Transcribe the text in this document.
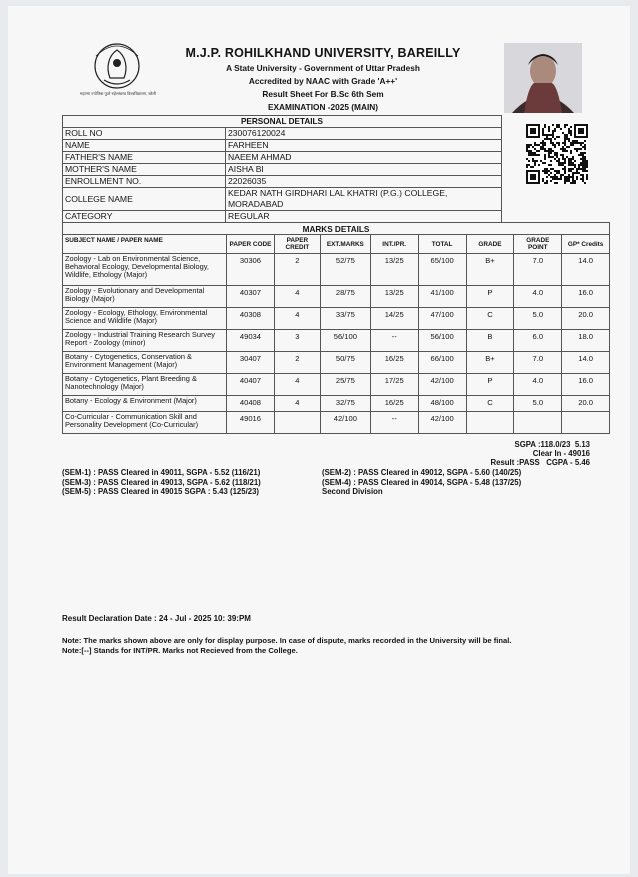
महात्मा ज्योतिबा फुले रुहेलखण्ड विश्वविद्यालय, बरेली
M.J.P. ROHILKHAND UNIVERSITY, BAREILLY
A State University - Government of Uttar Pradesh
Accredited by NAAC with Grade 'A++'
Result Sheet For B.Sc 6th Sem
EXAMINATION -2025 (MAIN)
PERSONAL DETAILS	
ROLL NO	230076120024
NAME	FARHEEN
FATHER'S NAME	NAEEM AHMAD
MOTHER'S NAME	AISHA BI
ENROLLMENT NO.	22026035
COLLEGE NAME	KEDAR NATH GIRDHARI LAL KHATRI (P.G.) COLLEGE, MORADABAD
CATEGORY	REGULAR
MARKS DETAILS								
SUBJECT NAME / PAPER NAME	PAPER CODE	PAPER CREDIT	EXT.MARKS	INT./PR.	TOTAL	GRADE	GRADE POINT	GP* Credits
Zoology - Lab on Environmental Science, Behavioral Ecology, Developmental Biology, Wildlife, Ethology (Major)	30306	2	52/75	13/25	65/100	B+	7.0	14.0
Zoology - Evolutionary and Developmental Biology (Major)	40307	4	28/75	13/25	41/100	P	4.0	16.0
Zoology - Ecology, Ethology, Environmental Science and Wildlife (Major)	40308	4	33/75	14/25	47/100	C	5.0	20.0
Zoology - Industrial Training Research Survey Report - Zoology (minor)	49034	3	56/100	--	56/100	B	6.0	18.0
Botany - Cytogenetics, Conservation & Environment Management (Major)	30407	2	50/75	16/25	66/100	B+	7.0	14.0
Botany - Cytogenetics, Plant Breeding & Nanotechnology (Major)	40407	4	25/75	17/25	42/100	P	4.0	16.0
Botany - Ecology & Environment (Major)	40408	4	32/75	16/25	48/100	C	5.0	20.0
Co-Curricular - Communication Skill and Personality Development (Co-Curricular)	49016		42/100	--	42/100			
SGPA :118.0/23 5.13
Clear In - 49016
Result :PASS CGPA - 5.46
(SEM-1) : PASS Cleared in 49011, SGPA - 5.52 (116/21)
(SEM-3) : PASS Cleared in 49013, SGPA - 5.62 (118/21)
(SEM-5) : PASS Cleared in 49015 SGPA : 5.43 (125/23)
(SEM-2) : PASS Cleared in 49012, SGPA - 5.60 (140/25)
(SEM-4) : PASS Cleared in 49014, SGPA - 5.48 (137/25)
Second Division
Result Declaration Date : 24 - Jul - 2025 10: 39:PM
Note: The marks shown above are only for display purpose. In case of dispute, marks recorded in the University will be final.
Note:[--] Stands for INT/PR. Marks not Recieved from the College.
